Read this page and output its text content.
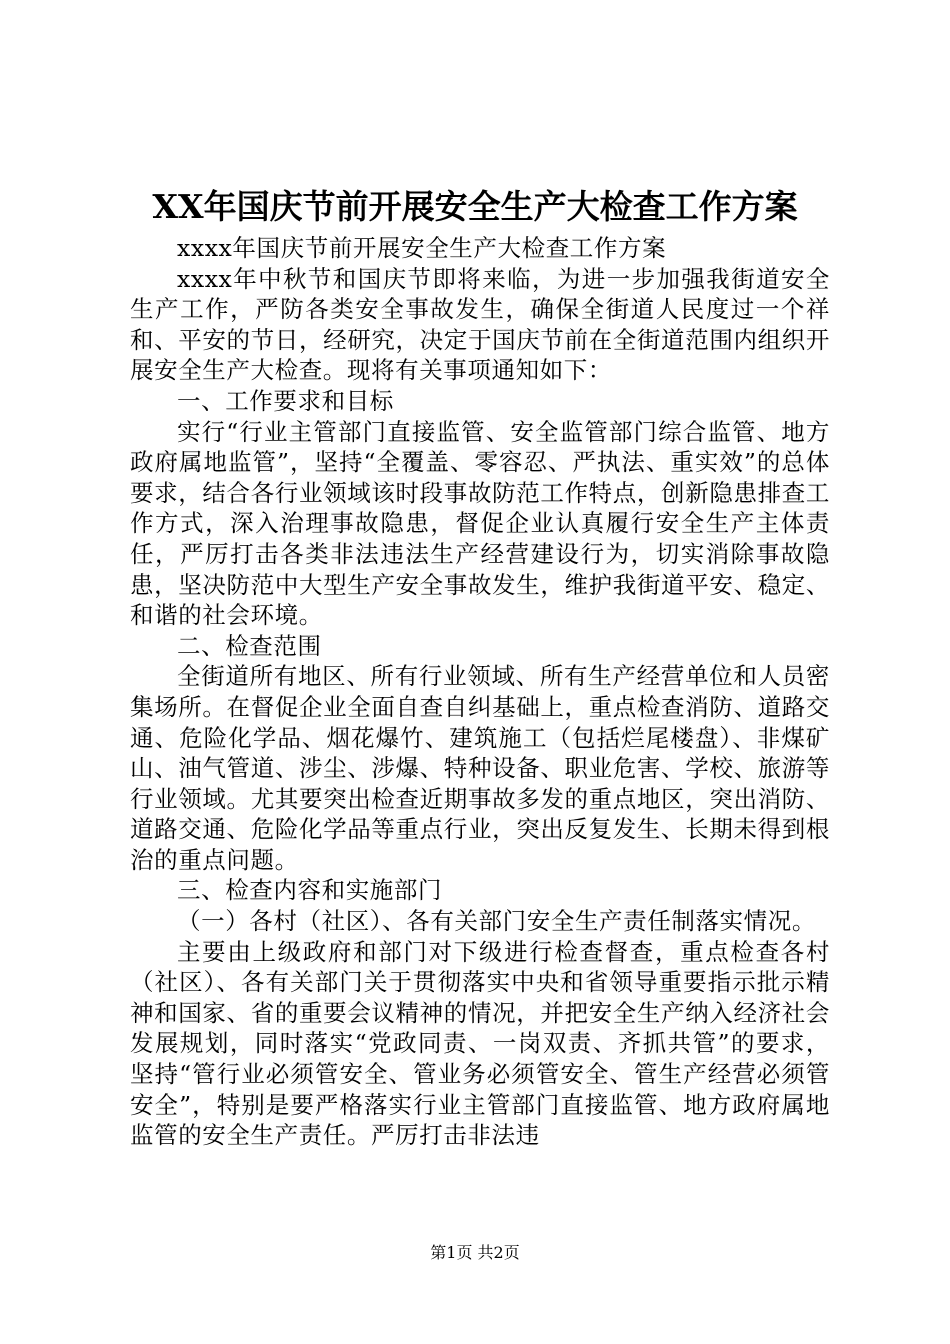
XX年国庆节前开展安全生产大检查工作方案

xxxx年国庆节前开展安全生产大检查工作方案

xxxx年中秋节和国庆节即将来临，为进一步加强我街道安全生产工作，严防各类安全事故发生，确保全街道人民度过一个祥和、平安的节日，经研究，决定于国庆节前在全街道范围内组织开展安全生产大检查。现将有关事项通知如下：

一、工作要求和目标

实行“行业主管部门直接监管、安全监管部门综合监管、地方政府属地监管”，坚持“全覆盖、零容忍、严执法、重实效”的总体要求，结合各行业领域该时段事故防范工作特点，创新隐患排查工作方式，深入治理事故隐患，督促企业认真履行安全生产主体责任，严厉打击各类非法违法生产经营建设行为，切实消除事故隐患，坚决防范中大型生产安全事故发生，维护我街道平安、稳定、和谐的社会环境。

二、检查范围

全街道所有地区、所有行业领域、所有生产经营单位和人员密集场所。在督促企业全面自查自纠基础上，重点检查消防、道路交通、危险化学品、烟花爆竹、建筑施工（包括烂尾楼盘）、非煤矿山、油气管道、涉尘、涉爆、特种设备、职业危害、学校、旅游等行业领域。尤其要突出检查近期事故多发的重点地区，突出消防、道路交通、危险化学品等重点行业，突出反复发生、长期未得到根治的重点问题。

三、检查内容和实施部门

（一）各村（社区）、各有关部门安全生产责任制落实情况。

主要由上级政府和部门对下级进行检查督查，重点检查各村（社区）、各有关部门关于贯彻落实中央和省领导重要指示批示精神和国家、省的重要会议精神的情况，并把安全生产纳入经济社会发展规划，同时落实“党政同责、一岗双责、齐抓共管”的要求，坚持“管行业必须管安全、管业务必须管安全、管生产经营必须管安全”，特别是要严格落实行业主管部门直接监管、地方政府属地监管的安全生产责任。严厉打击非法违

第1页 共2页
